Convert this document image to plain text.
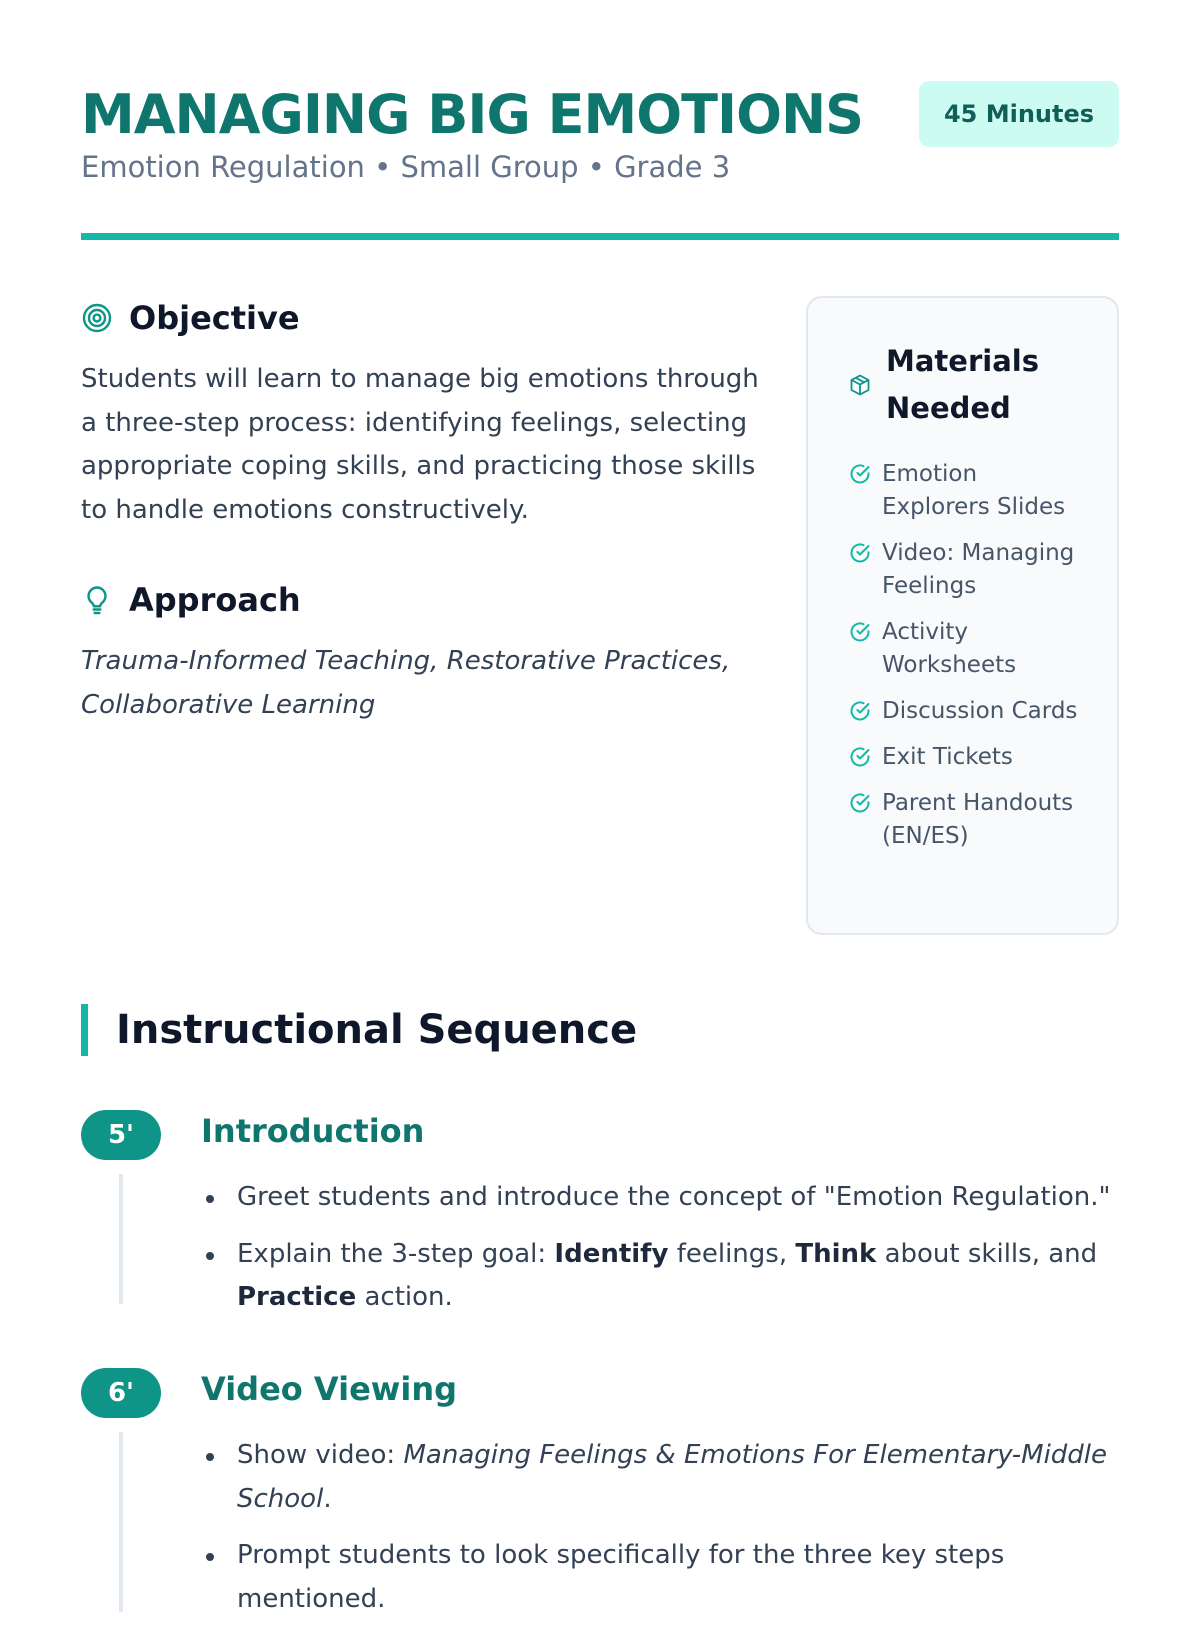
MANAGING BIG EMOTIONS	45 Minutes
Emotion Regulation • Small Group • Grade 3
Objective

Students will learn to manage big emotions through a three-step process: identifying feelings, selecting appropriate coping skills, and practicing those skills to handle emotions constructively.

Approach

Trauma-Informed Teaching, Restorative Practices, Collaborative Learning

Materials
Needed
Emotion Explorers Slides
Video: Managing Feelings
Activity Worksheets
Discussion Cards
Exit Tickets
Parent Handouts (EN/ES)
Instructional Sequence
5'	Introduction
Greet students and introduce the concept of "Emotion Regulation."
Explain the 3-step goal: Identify feelings, Think about skills, and Practice action.
6'	Video Viewing
Show video: Managing Feelings & Emotions For Elementary-Middle School.
Prompt students to look specifically for the three key steps mentioned.
